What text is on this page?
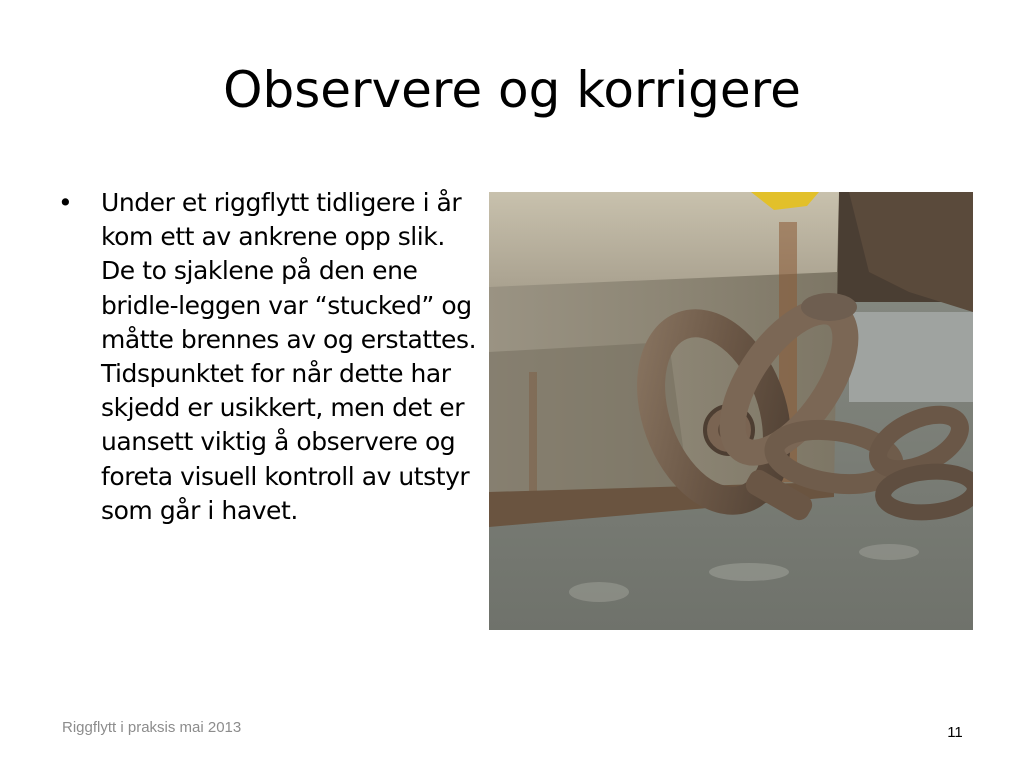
Observere og korrigere
• Under et riggflytt tidligere i år kom ett av ankrene opp slik. De to sjaklene på den ene bridle-leggen var “stucked” og måtte brennes av og erstattes. Tidspunktet for når dette har skjedd er usikkert, men det er uansett viktig å observere og foreta visuell kontroll av utstyr som går i havet.
Riggflytt i praksis mai 2013	11
